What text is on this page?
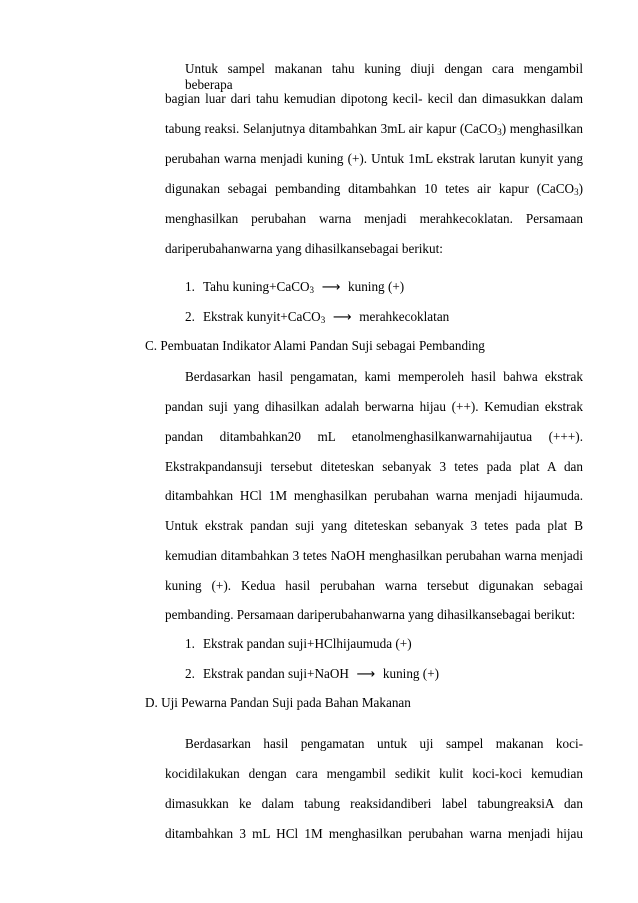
Untuk sampel makanan tahu kuning diuji dengan cara mengambil beberapa
bagian luar dari tahu kemudian dipotong kecil- kecil dan dimasukkan dalam
tabung reaksi. Selanjutnya ditambahkan 3mL air kapur (CaCO$_3$) menghasilkan
perubahan warna menjadi kuning (+). Untuk 1mL ekstrak larutan kunyit yang
digunakan sebagai pembanding ditambahkan 10 tetes air kapur (CaCO$_3$)
menghasilkan perubahan warna menjadi merahkecoklatan. Persamaan
dariperubahanwarna yang dihasilkansebagai berikut:
1. Tahu kuning+CaCO$_3$ ⟶ kuning (+)
2. Ekstrak kunyit+CaCO$_3$ ⟶ merahkecoklatan
C. Pembuatan Indikator Alami Pandan Suji sebagai Pembanding
Berdasarkan hasil pengamatan, kami memperoleh hasil bahwa ekstrak
pandan suji yang dihasilkan adalah berwarna hijau (++). Kemudian ekstrak
pandan ditambahkan20 mL etanolmenghasilkanwarnahijautua (+++).
Ekstrakpandansuji tersebut diteteskan sebanyak 3 tetes pada plat A dan
ditambahkan HCl 1M menghasilkan perubahan warna menjadi hijaumuda.
Untuk ekstrak pandan suji yang diteteskan sebanyak 3 tetes pada plat B
kemudian ditambahkan 3 tetes NaOH menghasilkan perubahan warna menjadi
kuning (+). Kedua hasil perubahan warna tersebut digunakan sebagai
pembanding. Persamaan dariperubahanwarna yang dihasilkansebagai berikut:
1. Ekstrak pandan suji+HClhijaumuda (+)
2. Ekstrak pandan suji+NaOH ⟶ kuning (+)
D. Uji Pewarna Pandan Suji pada Bahan Makanan
Berdasarkan hasil pengamatan untuk uji sampel makanan koci-
kocidilakukan dengan cara mengambil sedikit kulit koci-koci kemudian
dimasukkan ke dalam tabung reaksidandiberi label tabungreaksiA dan
ditambahkan 3 mL HCl 1M menghasilkan perubahan warna menjadi hijau
